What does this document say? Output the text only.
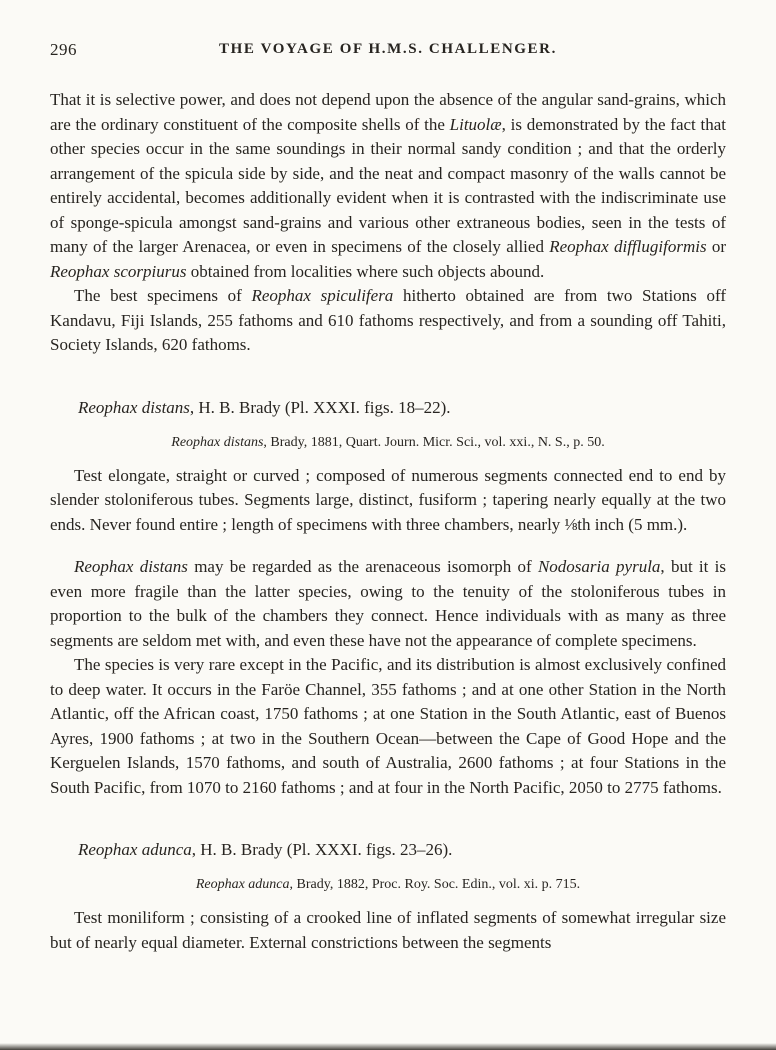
296	THE VOYAGE OF H.M.S. CHALLENGER.

That it is selective power, and does not depend upon the absence of the angular sand-grains, which are the ordinary constituent of the composite shells of the Lituolæ, is demonstrated by the fact that other species occur in the same soundings in their normal sandy condition ; and that the orderly arrangement of the spicula side by side, and the neat and compact masonry of the walls cannot be entirely accidental, becomes additionally evident when it is contrasted with the indiscriminate use of sponge-spicula amongst sand-grains and various other extraneous bodies, seen in the tests of many of the larger Arenacea, or even in specimens of the closely allied Reophax difflugiformis or Reophax scorpiurus obtained from localities where such objects abound.

The best specimens of Reophax spiculifera hitherto obtained are from two Stations off Kandavu, Fiji Islands, 255 fathoms and 610 fathoms respectively, and from a sounding off Tahiti, Society Islands, 620 fathoms.

Reophax distans, H. B. Brady (Pl. XXXI. figs. 18–22).

Reophax distans, Brady, 1881, Quart. Journ. Micr. Sci., vol. xxi., N. S., p. 50.

Test elongate, straight or curved ; composed of numerous segments connected end to end by slender stoloniferous tubes. Segments large, distinct, fusiform ; tapering nearly equally at the two ends. Never found entire ; length of specimens with three chambers, nearly ⅛th inch (5 mm.).

Reophax distans may be regarded as the arenaceous isomorph of Nodosaria pyrula, but it is even more fragile than the latter species, owing to the tenuity of the stoloniferous tubes in proportion to the bulk of the chambers they connect. Hence individuals with as many as three segments are seldom met with, and even these have not the appearance of complete specimens.

The species is very rare except in the Pacific, and its distribution is almost exclusively confined to deep water. It occurs in the Faröe Channel, 355 fathoms ; and at one other Station in the North Atlantic, off the African coast, 1750 fathoms ; at one Station in the South Atlantic, east of Buenos Ayres, 1900 fathoms ; at two in the Southern Ocean—between the Cape of Good Hope and the Kerguelen Islands, 1570 fathoms, and south of Australia, 2600 fathoms ; at four Stations in the South Pacific, from 1070 to 2160 fathoms ; and at four in the North Pacific, 2050 to 2775 fathoms.

Reophax adunca, H. B. Brady (Pl. XXXI. figs. 23–26).

Reophax adunca, Brady, 1882, Proc. Roy. Soc. Edin., vol. xi. p. 715.

Test moniliform ; consisting of a crooked line of inflated segments of somewhat irregular size but of nearly equal diameter. External constrictions between the segments
